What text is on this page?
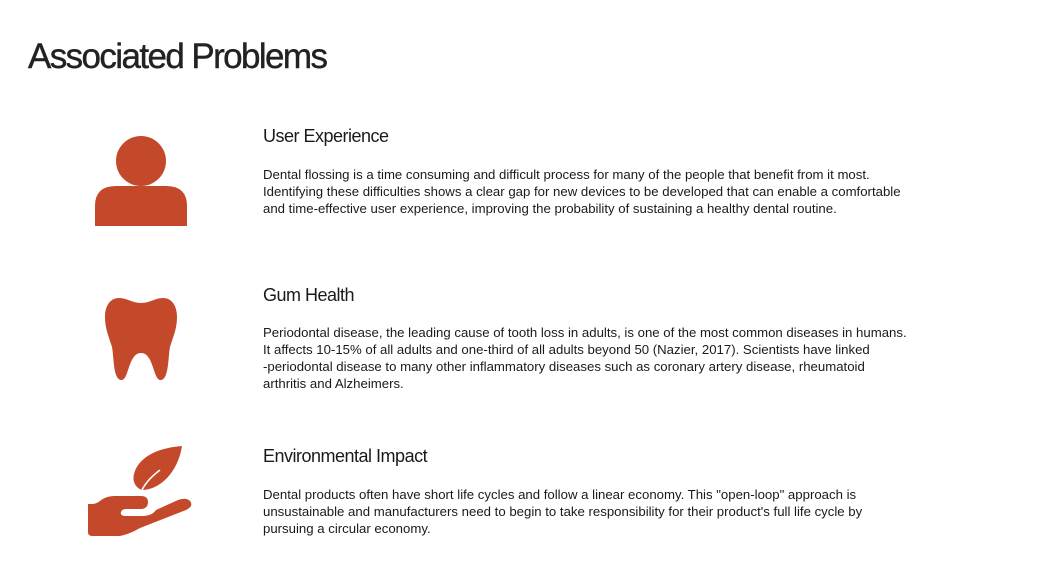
Associated Problems
User Experience

Dental flossing is a time consuming and difficult process for many of the people that benefit from it most.
Identifying these difficulties shows a clear gap for new devices to be developed that can enable a comfortable
and time-effective user experience, improving the probability of sustaining a healthy dental routine.

Gum Health

Periodontal disease, the leading cause of tooth loss in adults, is one of the most common diseases in humans.
It affects 10-15% of all adults and one-third of all adults beyond 50 (Nazier, 2017). Scientists have linked
-periodontal disease to many other inflammatory diseases such as coronary artery disease, rheumatoid
arthritis and Alzheimers.

Environmental Impact

Dental products often have short life cycles and follow a linear economy. This "open-loop" approach is
unsustainable and manufacturers need to begin to take responsibility for their product's full life cycle by
pursuing a circular economy.
